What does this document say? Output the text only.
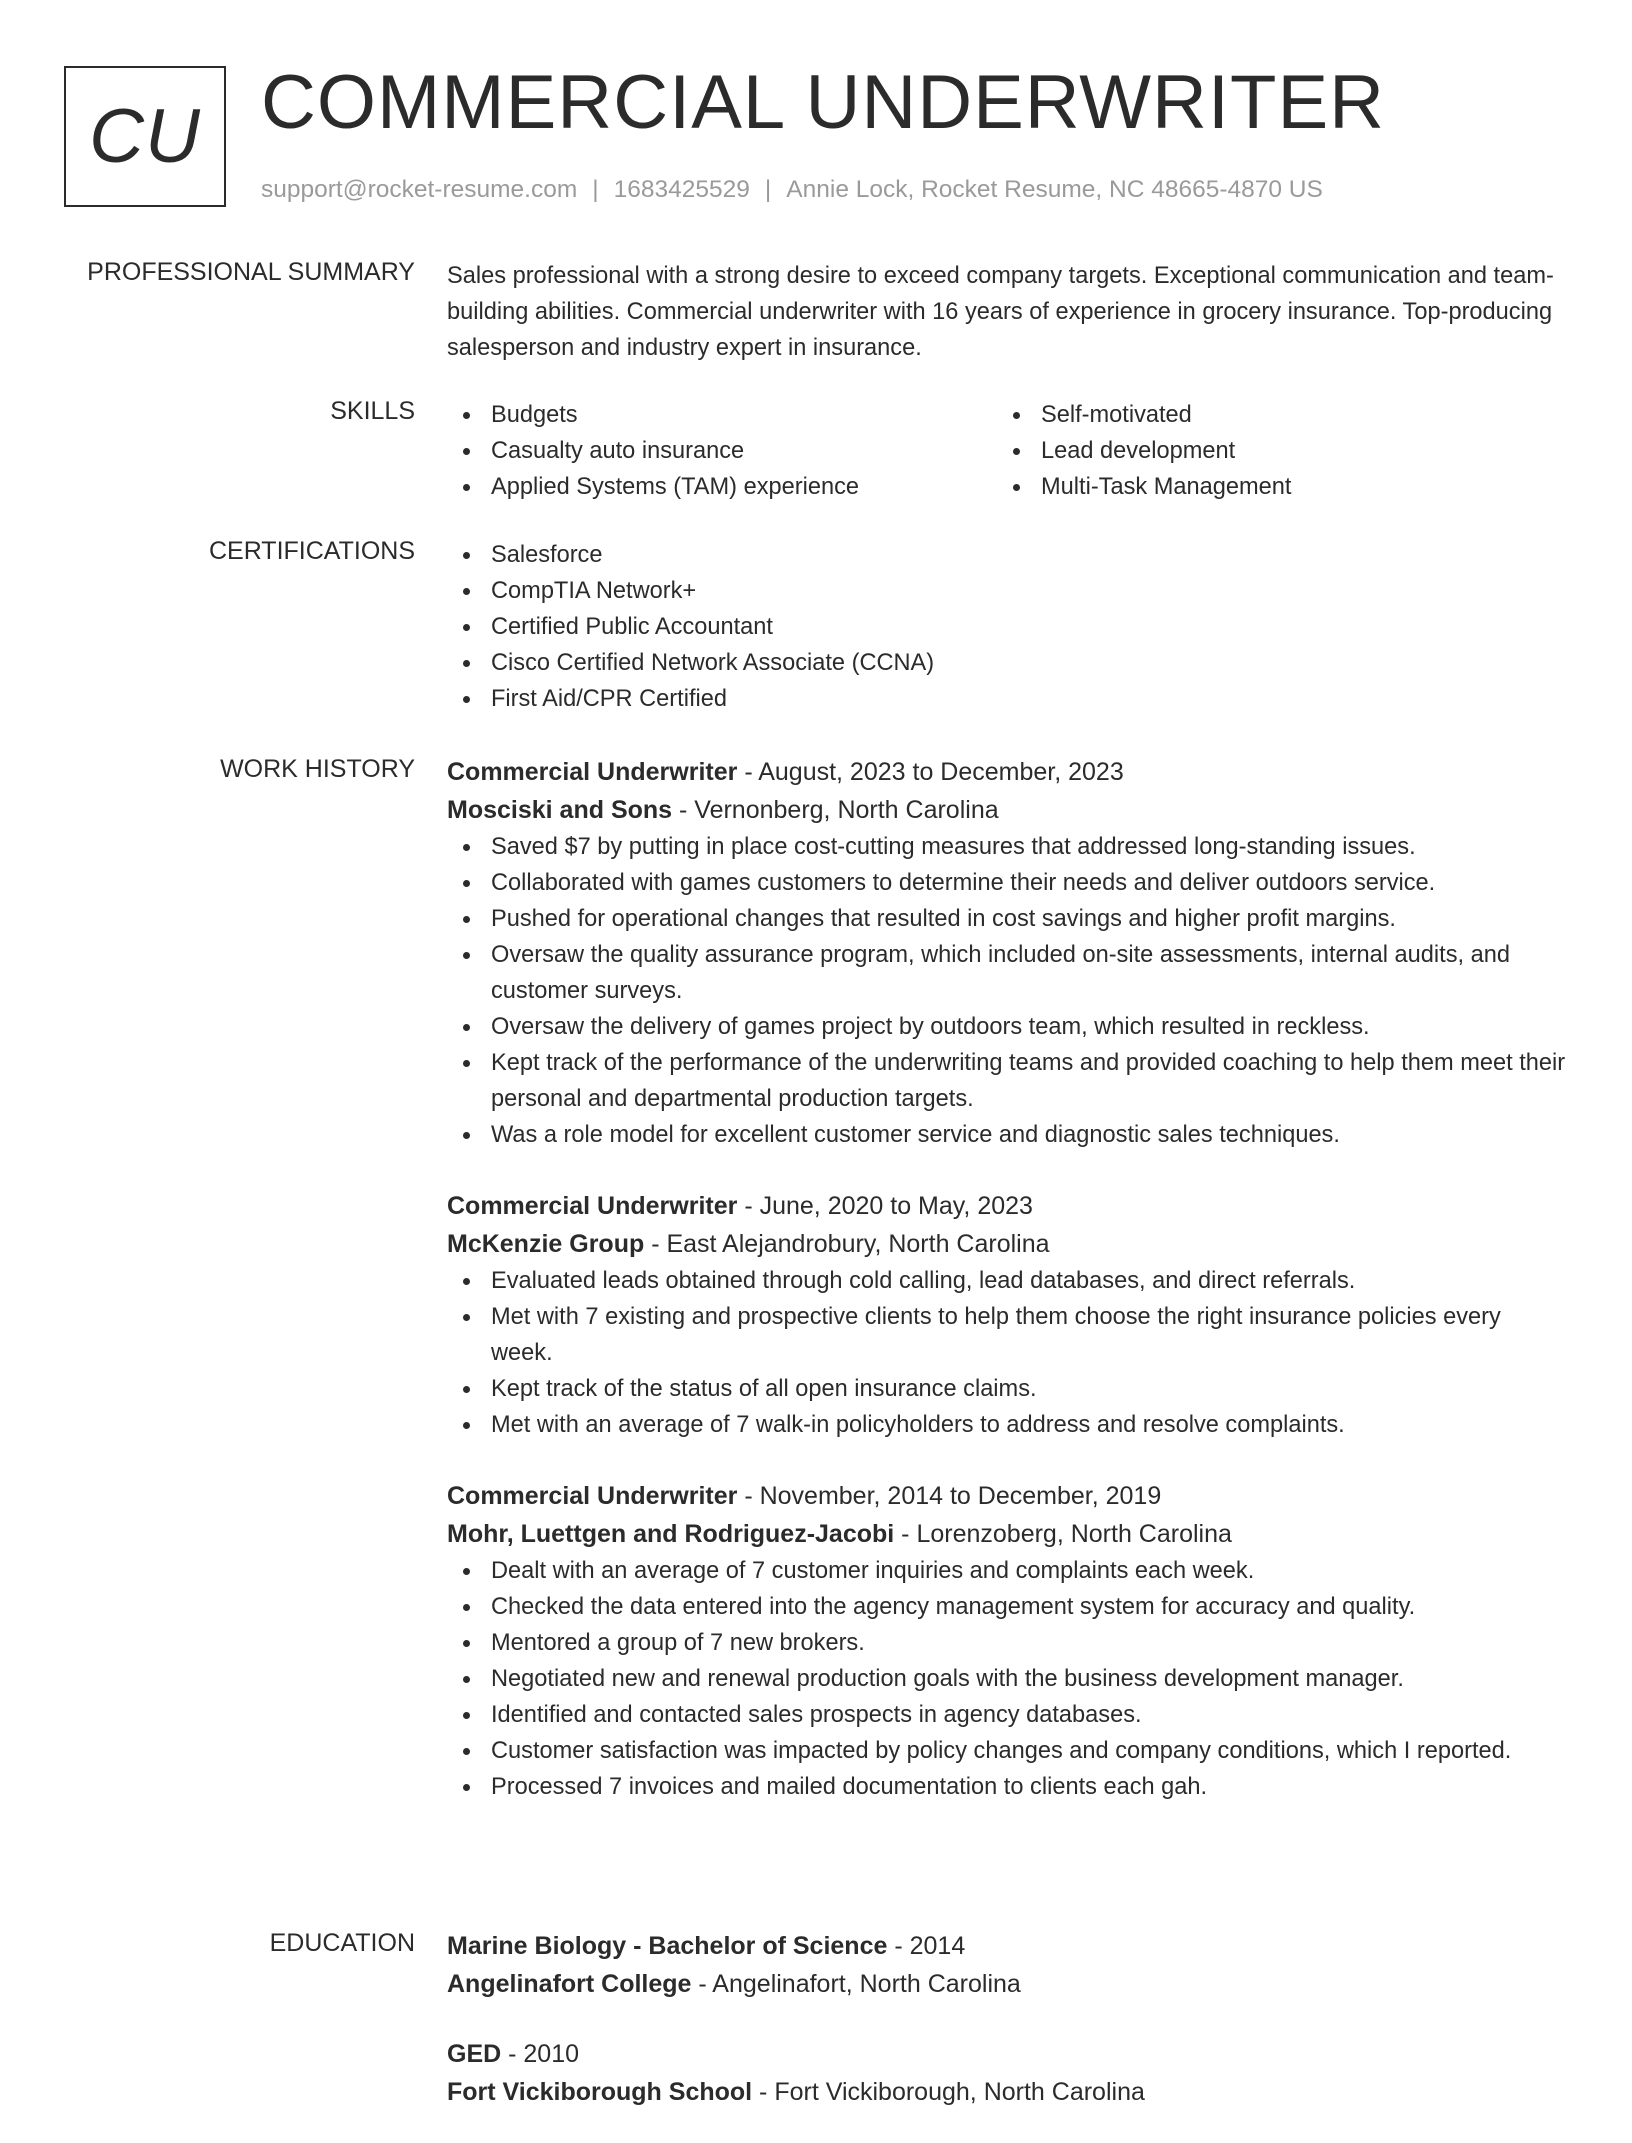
CU COMMERCIAL UNDERWRITER
support@rocket-resume.com | 1683425529 | Annie Lock, Rocket Resume, NC 48665-4870 US
PROFESSIONAL SUMMARY Sales professional with a strong desire to exceed company targets. Exceptional communication and team-building abilities. Commercial underwriter with 16 years of experience in grocery insurance. Top-producing salesperson and industry expert in insurance.

SKILLS	Budgets
Casualty auto insurance
Applied Systems (TAM) experience
Self-motivated
Lead development
Multi-Task Management
CERTIFICATIONS	Salesforce
CompTIA Network+
Certified Public Accountant
Cisco Certified Network Associate (CCNA)
First Aid/CPR Certified
WORK HISTORY Commercial Underwriter - August, 2023 to December, 2023
Mosciski and Sons - Vernonberg, North Carolina
Saved $7 by putting in place cost-cutting measures that addressed long-standing issues.
Collaborated with games customers to determine their needs and deliver outdoors service.
Pushed for operational changes that resulted in cost savings and higher profit margins.
Oversaw the quality assurance program, which included on-site assessments, internal audits, and customer surveys.
Oversaw the delivery of games project by outdoors team, which resulted in reckless.
Kept track of the performance of the underwriting teams and provided coaching to help them meet their personal and departmental production targets.
Was a role model for excellent customer service and diagnostic sales techniques.
Commercial Underwriter - June, 2020 to May, 2023
McKenzie Group - East Alejandrobury, North Carolina
Evaluated leads obtained through cold calling, lead databases, and direct referrals.
Met with 7 existing and prospective clients to help them choose the right insurance policies every week.
Kept track of the status of all open insurance claims.
Met with an average of 7 walk-in policyholders to address and resolve complaints.
Commercial Underwriter - November, 2014 to December, 2019
Mohr, Luettgen and Rodriguez-Jacobi - Lorenzoberg, North Carolina
Dealt with an average of 7 customer inquiries and complaints each week.
Checked the data entered into the agency management system for accuracy and quality.
Mentored a group of 7 new brokers.
Negotiated new and renewal production goals with the business development manager.
Identified and contacted sales prospects in agency databases.
Customer satisfaction was impacted by policy changes and company conditions, which I reported.
Processed 7 invoices and mailed documentation to clients each gah.
EDUCATION Marine Biology - Bachelor of Science - 2014
Angelinafort College - Angelinafort, North Carolina
GED - 2010
Fort Vickiborough School - Fort Vickiborough, North Carolina
